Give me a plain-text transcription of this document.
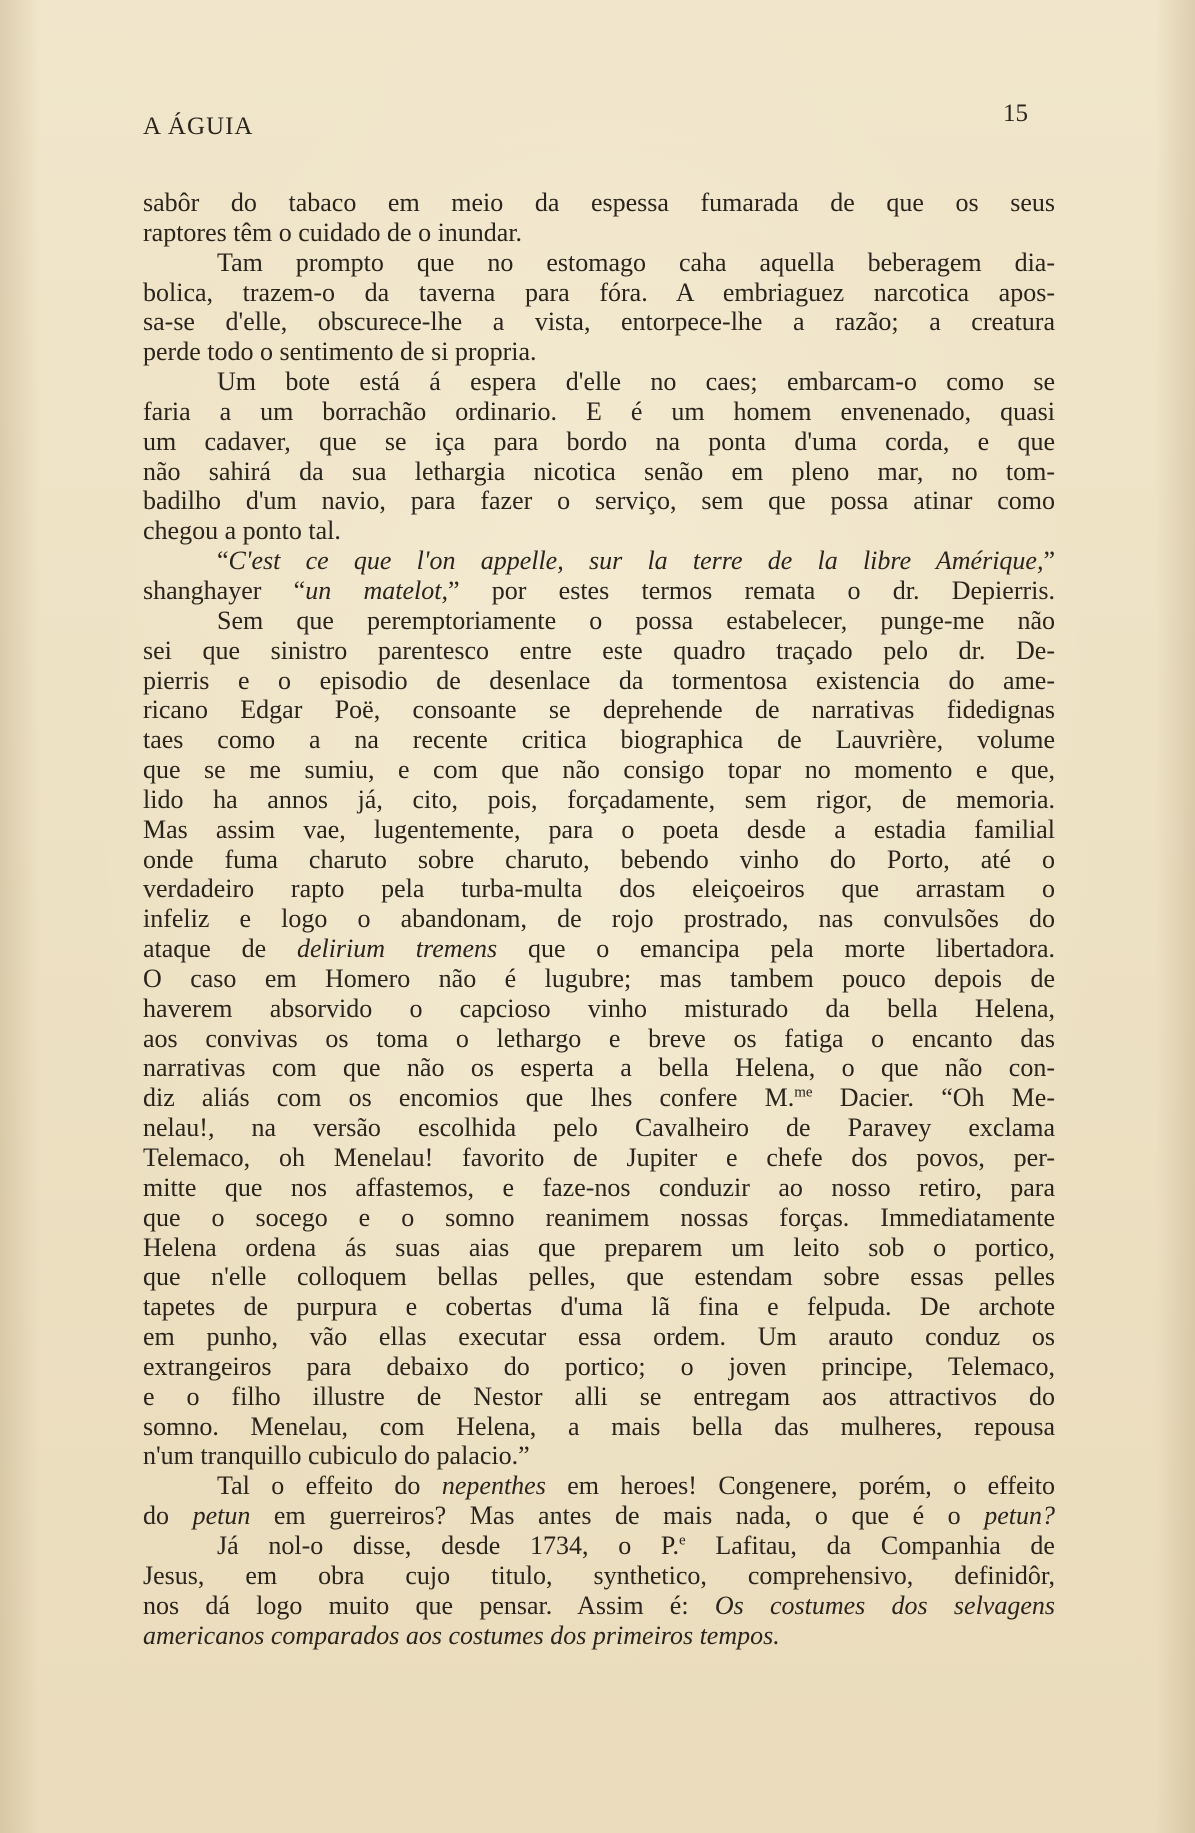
A ÁGUIA	15
sabôr do tabaco em meio da espessa fumarada de que os seus
raptores têm o cuidado de o inundar.
Tam prompto que no estomago caha aquella beberagem dia-
bolica, trazem-o da taverna para fóra. A embriaguez narcotica apos-
sa-se d'elle, obscurece-lhe a vista, entorpece-lhe a razão; a creatura
perde todo o sentimento de si propria.
Um bote está á espera d'elle no caes; embarcam-o como se
faria a um borrachão ordinario. E é um homem envenenado, quasi
um cadaver, que se iça para bordo na ponta d'uma corda, e que
não sahirá da sua lethargia nicotica senão em pleno mar, no tom-
badilho d'um navio, para fazer o serviço, sem que possa atinar como
chegou a ponto tal.
“C'est ce que l'on appelle, sur la terre de la libre Amérique,”
shanghayer “un matelot,” por estes termos remata o dr. Depierris.
Sem que peremptoriamente o possa estabelecer, punge-me não
sei que sinistro parentesco entre este quadro traçado pelo dr. De-
pierris e o episodio de desenlace da tormentosa existencia do ame-
ricano Edgar Poë, consoante se deprehende de narrativas fidedignas
taes como a na recente critica biographica de Lauvrière, volume
que se me sumiu, e com que não consigo topar no momento e que,
lido ha annos já, cito, pois, forçadamente, sem rigor, de memoria.
Mas assim vae, lugentemente, para o poeta desde a estadia familial
onde fuma charuto sobre charuto, bebendo vinho do Porto, até o
verdadeiro rapto pela turba-multa dos eleiçoeiros que arrastam o
infeliz e logo o abandonam, de rojo prostrado, nas convulsões do
ataque de delirium tremens que o emancipa pela morte libertadora.
O caso em Homero não é lugubre; mas tambem pouco depois de
haverem absorvido o capcioso vinho misturado da bella Helena,
aos convivas os toma o lethargo e breve os fatiga o encanto das
narrativas com que não os esperta a bella Helena, o que não con-
diz aliás com os encomios que lhes confere M.$^{me}$ Dacier. “Oh Me-
nelau!, na versão escolhida pelo Cavalheiro de Paravey exclama
Telemaco, oh Menelau! favorito de Jupiter e chefe dos povos, per-
mitte que nos affastemos, e faze-nos conduzir ao nosso retiro, para
que o socego e o somno reanimem nossas forças. Immediatamente
Helena ordena ás suas aias que preparem um leito sob o portico,
que n'elle colloquem bellas pelles, que estendam sobre essas pelles
tapetes de purpura e cobertas d'uma lã fina e felpuda. De archote
em punho, vão ellas executar essa ordem. Um arauto conduz os
extrangeiros para debaixo do portico; o joven principe, Telemaco,
e o filho illustre de Nestor alli se entregam aos attractivos do
somno. Menelau, com Helena, a mais bella das mulheres, repousa
n'um tranquillo cubiculo do palacio.”
Tal o effeito do nepenthes em heroes! Congenere, porém, o effeito
do petun em guerreiros? Mas antes de mais nada, o que é o petun?
Já nol-o disse, desde 1734, o P.$^e$ Lafitau, da Companhia de
Jesus, em obra cujo titulo, synthetico, comprehensivo, definidôr,
nos dá logo muito que pensar. Assim é: Os costumes dos selvagens
americanos comparados aos costumes dos primeiros tempos.
